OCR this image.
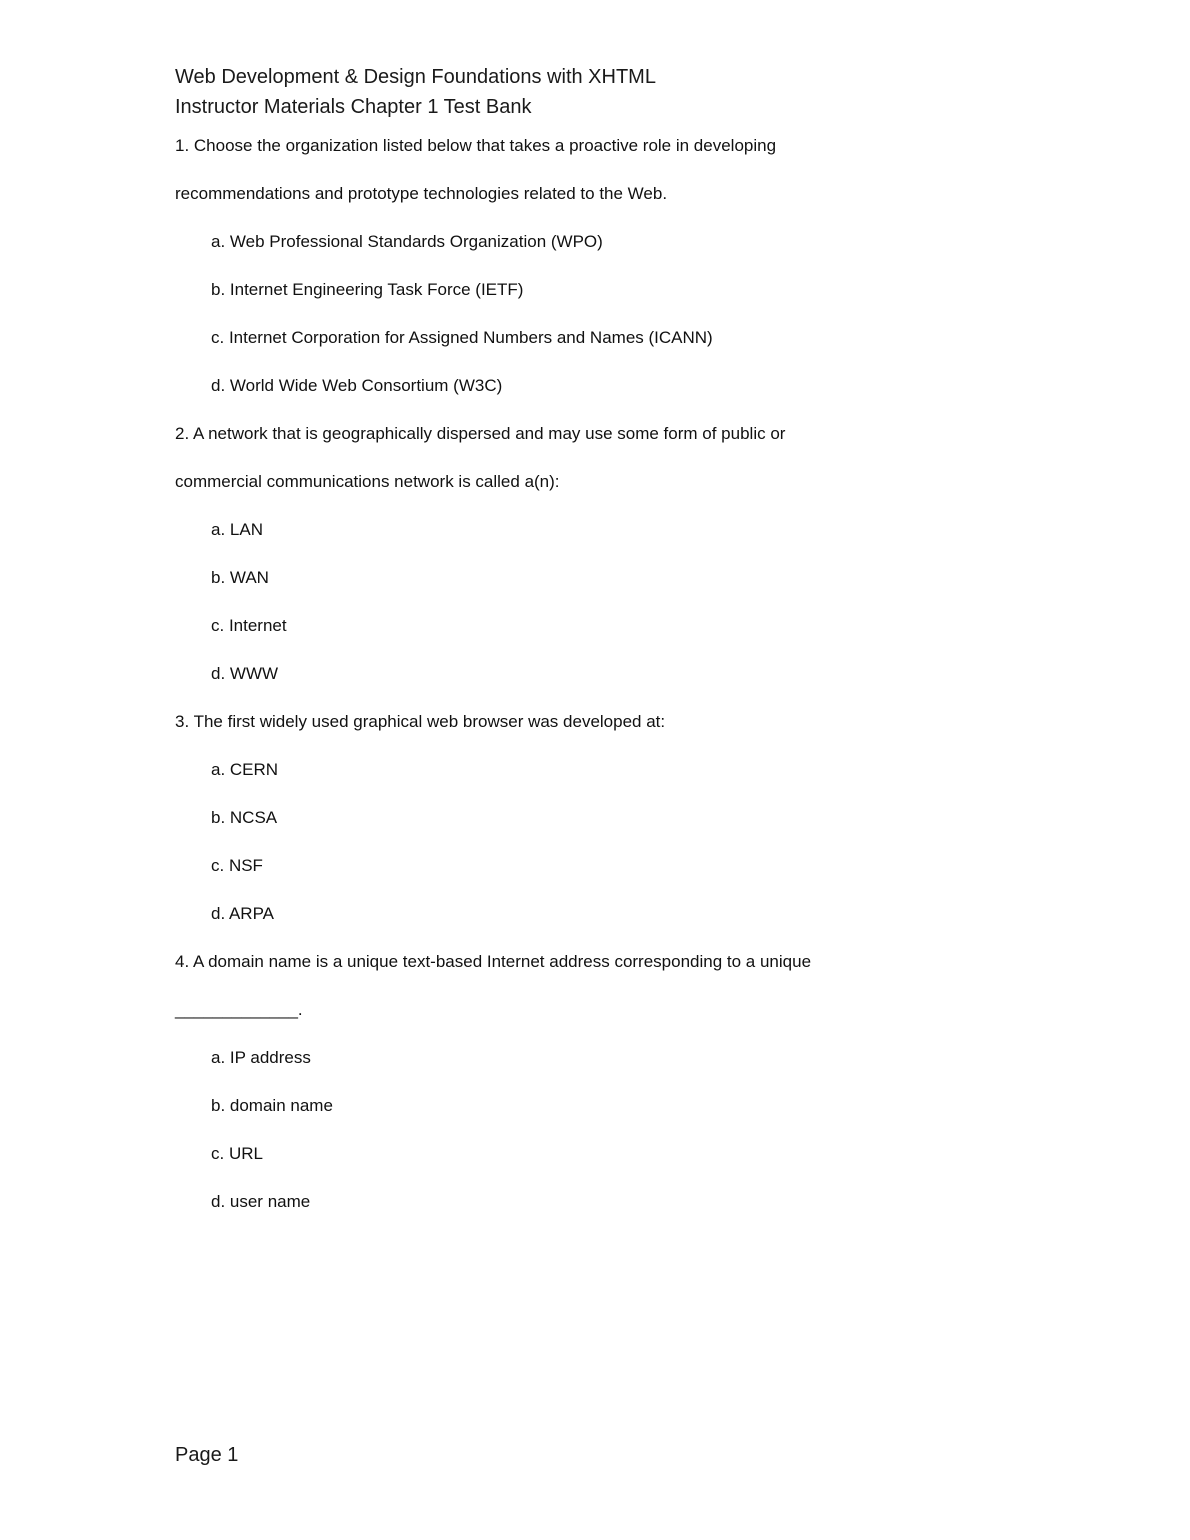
Web Development & Design Foundations with XHTML
Instructor Materials Chapter 1 Test Bank
1. Choose the organization listed below that takes a proactive role in developing
recommendations and prototype technologies related to the Web.
a. Web Professional Standards Organization (WPO)
b. Internet Engineering Task Force (IETF)
c. Internet Corporation for Assigned Numbers and Names (ICANN)
d. World Wide Web Consortium (W3C)
2. A network that is geographically dispersed and may use some form of public or
commercial communications network is called a(n):
a. LAN
b. WAN
c. Internet
d. WWW
3. The first widely used graphical web browser was developed at:
a. CERN
b. NCSA
c. NSF
d. ARPA
4. A domain name is a unique text-based Internet address corresponding to a unique
_____________.
a. IP address
b. domain name
c. URL
d. user name
Page 1
